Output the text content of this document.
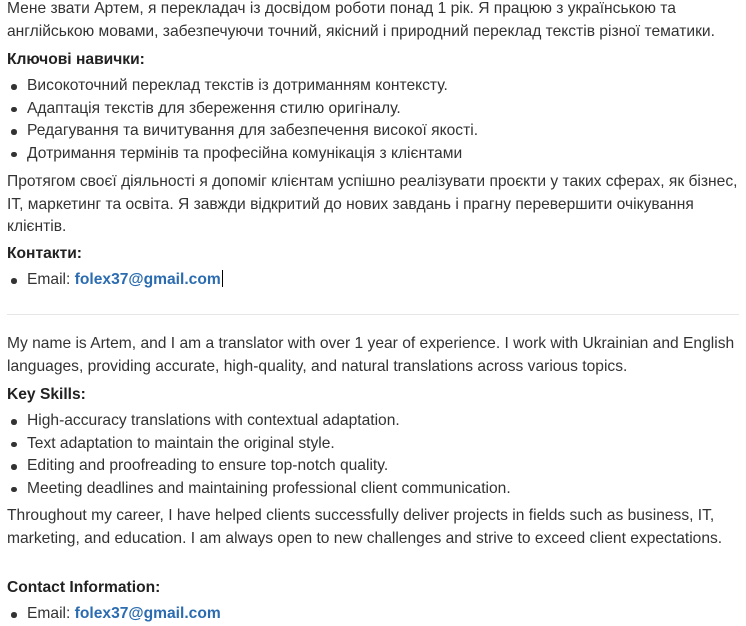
Мене звати Артем, я перекладач із досвідом роботи понад 1 рік. Я працюю з українською та англійською мовами, забезпечуючи точний, якісний і природний переклад текстів різної тематики.

Ключові навички:
Високоточний переклад текстів із дотриманням контексту.
Адаптація текстів для збереження стилю оригіналу.
Редагування та вичитування для забезпечення високої якості.
Дотримання термінів та професійна комунікація з клієнтами

Протягом своєї діяльності я допоміг клієнтам успішно реалізувати проєкти у таких сферах, як бізнес, IT, маркетинг та освіта. Я завжди відкритий до нових завдань і прагну перевершити очікування клієнтів.

Контакти:
Email: folex37@gmail.com

My name is Artem, and I am a translator with over 1 year of experience. I work with Ukrainian and English languages, providing accurate, high-quality, and natural translations across various topics.

Key Skills:
High-accuracy translations with contextual adaptation.
Text adaptation to maintain the original style.
Editing and proofreading to ensure top-notch quality.
Meeting deadlines and maintaining professional client communication.

Throughout my career, I have helped clients successfully deliver projects in fields such as business, IT, marketing, and education. I am always open to new challenges and strive to exceed client expectations.

Contact Information:
Email: folex37@gmail.com
